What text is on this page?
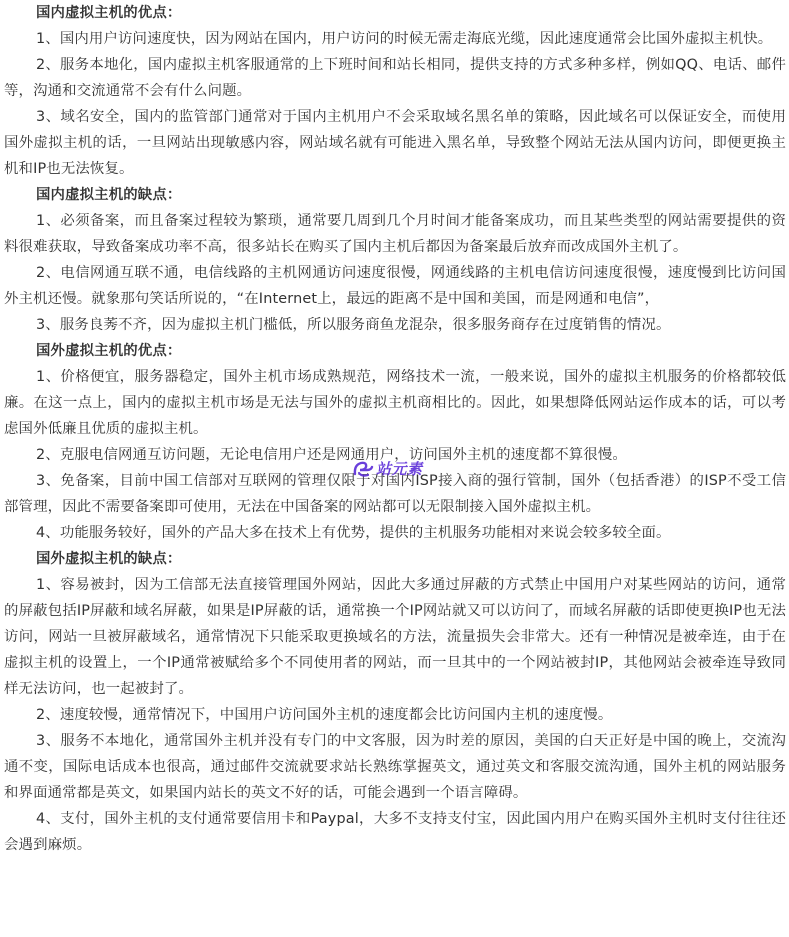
国内虚拟主机的优点：

1、国内用户访问速度快，因为网站在国内，用户访问的时候无需走海底光缆，因此速度通常会比国外虚拟主机快。

2、服务本地化，国内虚拟主机客服通常的上下班时间和站长相同，提供支持的方式多种多样，例如QQ、电话、邮件等，沟通和交流通常不会有什么问题。

3、域名安全，国内的监管部门通常对于国内主机用户不会采取域名黑名单的策略，因此域名可以保证安全，而使用国外虚拟主机的话，一旦网站出现敏感内容，网站域名就有可能进入黑名单，导致整个网站无法从国内访问，即便更换主机和IP也无法恢复。

国内虚拟主机的缺点：

1、必须备案，而且备案过程较为繁琐，通常要几周到几个月时间才能备案成功，而且某些类型的网站需要提供的资料很难获取，导致备案成功率不高，很多站长在购买了国内主机后都因为备案最后放弃而改成国外主机了。

2、电信网通互联不通，电信线路的主机网通访问速度很慢，网通线路的主机电信访问速度很慢，速度慢到比访问国外主机还慢。就象那句笑话所说的，“在Internet上，最远的距离不是中国和美国，而是网通和电信”，

3、服务良莠不齐，因为虚拟主机门槛低，所以服务商鱼龙混杂，很多服务商存在过度销售的情况。

国外虚拟主机的优点：

1、价格便宜，服务器稳定，国外主机市场成熟规范，网络技术一流，一般来说，国外的虚拟主机服务的价格都较低廉。在这一点上，国内的虚拟主机市场是无法与国外的虚拟主机商相比的。因此，如果想降低网站运作成本的话，可以考虑国外低廉且优质的虚拟主机。

2、克服电信网通互访问题，无论电信用户还是网通用户，访问国外主机的速度都不算很慢。

3、免备案，目前中国工信部对互联网的管理仅限于对国内ISP接入商的强行管制，国外（包括香港）的ISP不受工信部管理，因此不需要备案即可使用，无法在中国备案的网站都可以无限制接入国外虚拟主机。

4、功能服务较好，国外的产品大多在技术上有优势，提供的主机服务功能相对来说会较多较全面。

国外虚拟主机的缺点：

1、容易被封，因为工信部无法直接管理国外网站，因此大多通过屏蔽的方式禁止中国用户对某些网站的访问，通常的屏蔽包括IP屏蔽和域名屏蔽，如果是IP屏蔽的话，通常换一个IP网站就又可以访问了，而域名屏蔽的话即使更换IP也无法访问，网站一旦被屏蔽域名，通常情况下只能采取更换域名的方法，流量损失会非常大。还有一种情况是被牵连，由于在虚拟主机的设置上，一个IP通常被赋给多个不同使用者的网站，而一旦其中的一个网站被封IP，其他网站会被牵连导致同样无法访问，也一起被封了。

2、速度较慢，通常情况下，中国用户访问国外主机的速度都会比访问国内主机的速度慢。

3、服务不本地化，通常国外主机并没有专门的中文客服，因为时差的原因，美国的白天正好是中国的晚上，交流沟通不变，国际电话成本也很高，通过邮件交流就要求站长熟练掌握英文，通过英文和客服交流沟通，国外主机的网站服务和界面通常都是英文，如果国内站长的英文不好的话，可能会遇到一个语言障碍。

4、支付，国外主机的支付通常要信用卡和Paypal，大多不支持支付宝，因此国内用户在购买国外主机时支付往往还会遇到麻烦。

站元素
